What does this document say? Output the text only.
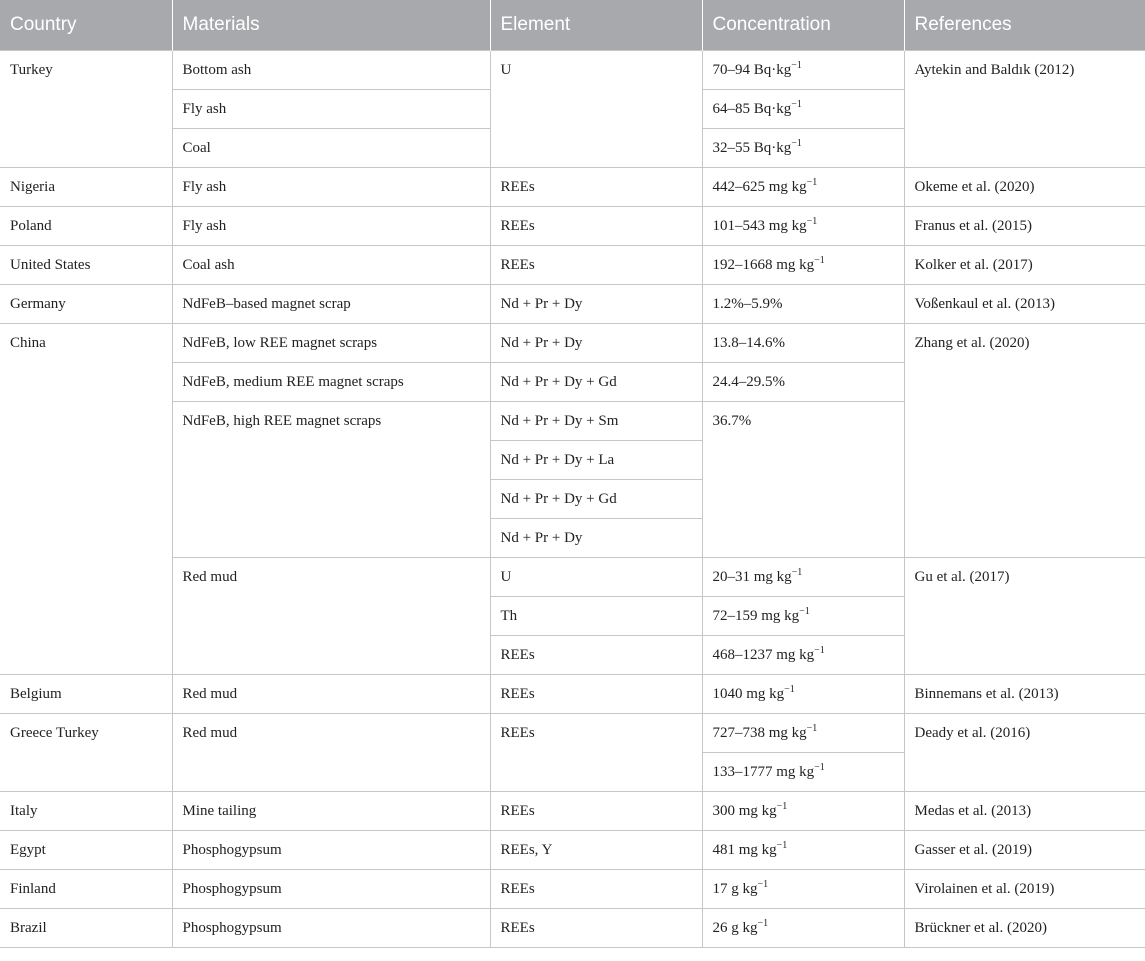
Country	Materials	Element	Concentration	References
Turkey	Bottom ash	U	70–94 $Bq\cdot kg^{-1}$	Aytekin and Baldık (2012)
	Fly ash		64–85 $Bq\cdot kg^{-1}$
	Coal		32–55 $Bq\cdot kg^{-1}$
Nigeria	Fly ash	REEs	442–625 mg $kg^{-1}$	Okeme et al. (2020)
Poland	Fly ash	REEs	101–543 mg $kg^{-1}$	Franus et al. (2015)
United States	Coal ash	REEs	192–1668 mg $kg^{-1}$	Kolker et al. (2017)
Germany	NdFeB–based magnet scrap	Nd + Pr + Dy	1.2%–5.9%	Voßenkaul et al. (2013)
China	NdFeB, low REE magnet scraps	Nd + Pr + Dy	13.8–14.6%	Zhang et al. (2020)
	NdFeB, medium REE magnet scraps	Nd + Pr + Dy + Gd	24.4–29.5%	
	NdFeB, high REE magnet scraps	Nd + Pr + Dy + Sm	36.7%	
		Nd + Pr + Dy + La		
		Nd + Pr + Dy + Gd		
		Nd + Pr + Dy		
	Red mud	U	20–31 mg $kg^{-1}$	Gu et al. (2017)
		Th	72–159 mg $kg^{-1}$
		REEs	468–1237 mg $kg^{-1}$
Belgium	Red mud	REEs	1040 mg $kg^{-1}$	Binnemans et al. (2013)
Greece Turkey	Red mud	REEs	727–738 mg $kg^{-1}$	Deady et al. (2016)
			133–1777 mg $kg^{-1}$
Italy	Mine tailing	REEs	300 mg $kg^{-1}$	Medas et al. (2013)
Egypt	Phosphogypsum	REEs, Y	481 mg $kg^{-1}$	Gasser et al. (2019)
Finland	Phosphogypsum	REEs	17 g $kg^{-1}$	Virolainen et al. (2019)
Brazil	Phosphogypsum	REEs	26 g $kg^{-1}$	Brückner et al. (2020)
